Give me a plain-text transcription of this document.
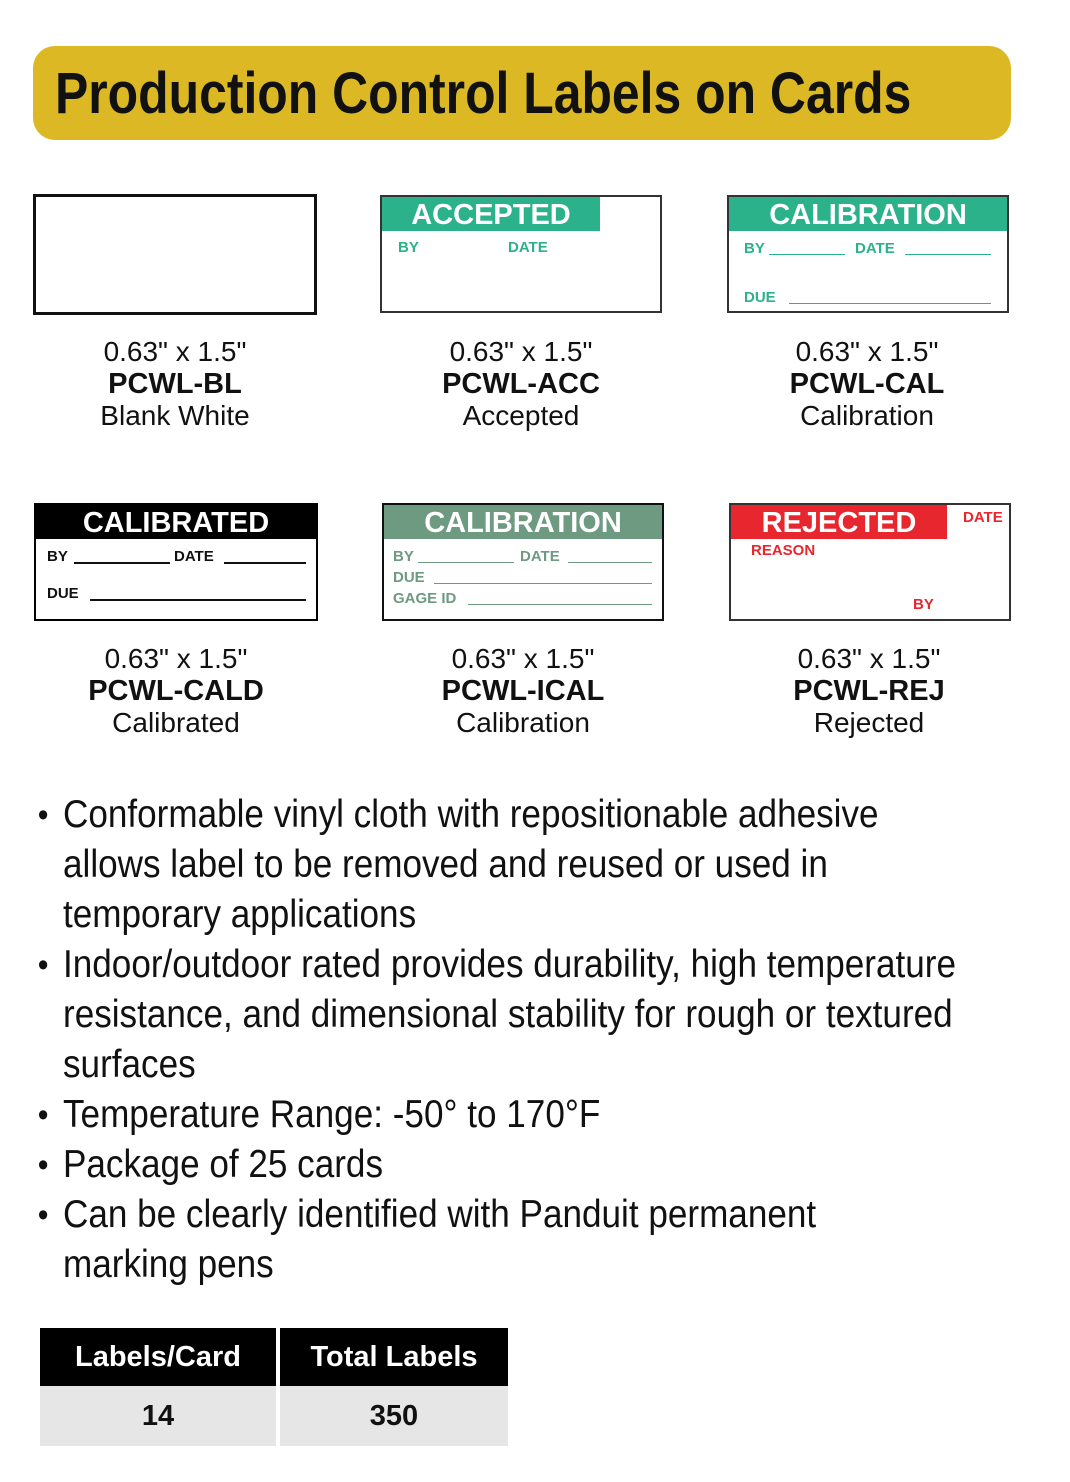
Production Control Labels on Cards
0.63" x 1.5"
PCWL-BL
Blank White
ACCEPTED
BY	DATE
0.63" x 1.5"
PCWL-ACC
Accepted
CALIBRATION
BY	DATE
DUE
0.63" x 1.5"
PCWL-CAL
Calibration
CALIBRATED
BY	DATE
DUE
0.63" x 1.5"
PCWL-CALD
Calibrated
CALIBRATION
BY	DATE
DUE
GAGE ID
0.63" x 1.5"
PCWL-ICAL
Calibration
REJECTED	DATE
REASON
BY
0.63" x 1.5"
PCWL-REJ
Rejected
• Conformable vinyl cloth with repositionable adhesive allows label to be removed and reused or used in temporary applications
• Indoor/outdoor rated provides durability, high temperature resistance, and dimensional stability for rough or textured surfaces
• Temperature Range: -50° to 170°F
• Package of 25 cards
• Can be clearly identified with Panduit permanent marking pens
Labels/Card	Total Labels
14	350
